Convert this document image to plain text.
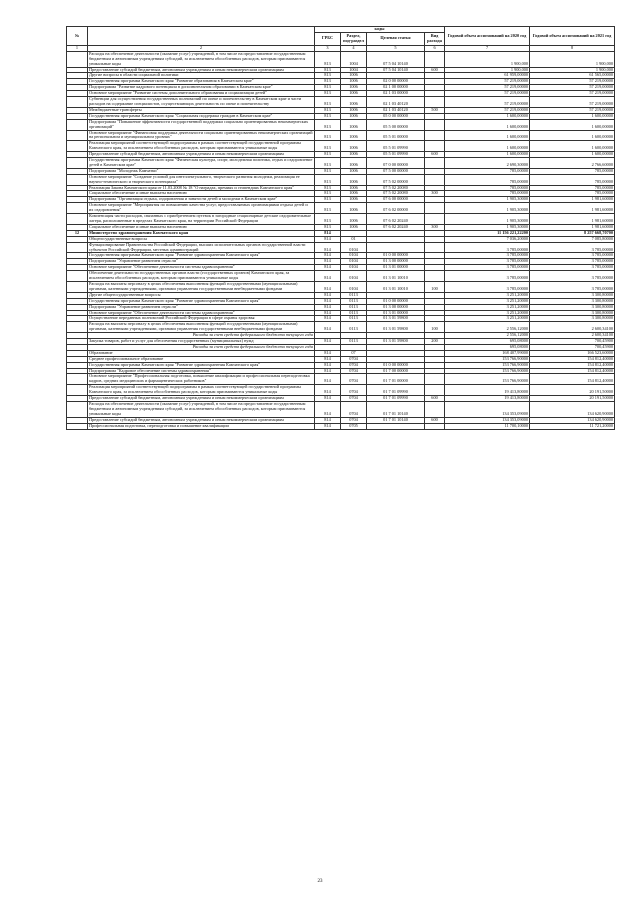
№		коды				Годовой объем ассигнований на 2020 год	Годовой объем ассигнований на 2021 год
		ГРБС	Раздел, под-раздел	Целевая статья	Вид расхода		
1	2	3	4	5	6	7	8
	Расходы на обеспечение деятельности (оказание услуг) учреждений, в том числе на предоставление государственным бюджетным и автономным учреждениям субсидий, за исключением обособленных расходов, которым присваиваются уникальные коды	813	1004	07 5 04 10140		1 900,000	1 900,000
	Предоставление субсидий бюджетным, автономным учреждениям и иным некоммерческим организациям	813	1004	07 5 04 10140	600	1 900,000	1 900,000
	Другие вопросы в области социальной политики	813	1006			61 959,00000	61 565,00000
	Государственная программа Камчатского края "Развитие образования в Камчатском крае"	813	1006	02 0 00 00000		57 219,00000	57 219,00000
	Подпрограмма "Развитие кадрового потенциала в дополнительном образовании в Камчатском крае"	813	1006	02 1 00 00000		57 219,00000	57 219,00000
	Основное мероприятие "Развитие системы дополнительного образования и социализации детей"	813	1006	02 1 03 00000		57 219,00000	57 219,00000
	Субвенции для осуществления государственных полномочий по опеке и попечительству в Камчатском крае и части расходов на содержание специалистов, осуществляющих деятельность по опеке и попечительству	813	1006	02 1 03 40120		57 219,00000	57 219,00000
	Межбюджетные трансферты	813	1006	02 1 03 40120	500	57 219,00000	57 219,00000
	Государственная программа Камчатского края "Социальная поддержка граждан в Камчатском крае"	813	1006	05 0 00 00000		1 600,00000	1 600,00000
	Подпрограмма "Повышение эффективности государственной поддержки социально ориентированных некоммерческих организаций"	813	1006	05 5 00 00000		1 600,00000	1 600,00000
	Основное мероприятие "Финансовая поддержка деятельности социально ориентированных некоммерческих организаций на региональном и муниципальном уровнях"	813	1006	05 5 01 00000		1 600,00000	1 600,00000
	Реализация мероприятий соответствующей подпрограммы в рамках соответствующей государственной программы Камчатского края, за исключением обособленных расходов, которым присваиваются уникальные коды	813	1006	05 5 01 09990		1 600,00000	1 600,00000
	Предоставление субсидий бюджетным, автономным учреждениям и иным некоммерческим организациям	813	1006	05 5 01 09990	600	1 600,00000	1 600,00000
	Государственная программа Камчатского края "Физическая культура, спорт, молодежная политика, отдых и оздоровление детей в Камчатском крае"	813	1006	07 0 00 00000		2 690,30000	2 766,60000
	Подпрограмма "Молодежь Камчатки"	813	1006	07 5 00 00000		785,00000	785,00000
	Основное мероприятие "Создание условий для интеллектуального, творческого развития молодежи, реализация ее научно-технического и творческого потенциала"	813	1006	07 5 02 00000		785,00000	785,00000
	Реализация Закона Камчатского края от 11.03.2008 № 18 "О наградах, премиях и стипендиях Камчатского края"	813	1006	07 5 02 20080		785,00000	785,00000
	Социальное обеспечение и иные выплаты населению	813	1006	07 5 02 20080	300	785,00000	785,00000
	Подпрограмма "Организация отдыха, оздоровления и занятости детей и молодежи в Камчатском крае"	813	1006	07 6 00 00000		1 905,30000	1 981,60000
	Основное мероприятие "Мероприятия по повышению качества услуг, предоставляемых организациями отдыха детей и их оздоровления"	813	1006	07 6 02 00000		1 905,30000	1 981,60000
	Компенсация части расходов, связанных с приобретением путевок в загородные стационарные детские оздоровительные лагеря, расположенные в пределах Камчатского края, на территории Российской Федерации	813	1006	07 6 02 20240		1 905,30000	1 981,60000
	Социальное обеспечение и иные выплаты населению	813	1006	07 6 02 20240	300	1 905,30000	1 981,60000
12	Министерство здравоохранения Камчатского края	814				11 156 221,22200	8 257 668,70700
	Общегосударственные вопросы	814	01			7 036,20000	7 085,80000
	Функционирование Правительства Российской Федерации, высших исполнительных органов государственной власти субъектов Российской Федерации, местных администраций	814	0104			3 785,00000	3 785,00000
	Государственная программа Камчатского края "Развитие здравоохранения Камчатского края"	814	0104	01 0 00 00000		3 785,00000	3 785,00000
	Подпрограмма "Управление развитием отрасли"	814	0104	01 3 00 00000		3 785,00000	3 785,00000
	Основное мероприятие "Обеспечение деятельности системы здравоохранения"	814	0104	01 3 01 00000		3 785,00000	3 785,00000
	Обеспечение деятельности государственных органов власти (государственных органов) Камчатского края, за исключением обособленных расходов, которым присваиваются уникальные коды	814	0104	01 3 01 10010		3 785,00000	3 785,00000
	Расходы на выплаты персоналу в целях обеспечения выполнения функций государственными (муниципальными) органами, казенными учреждениями, органами управления государственными внебюджетными фондами	814	0104	01 3 01 10010	100	3 785,00000	3 785,00000
	Другие общегосударственные вопросы	814	0113			3 251,20000	3 300,80000
	Государственная программа Камчатского края "Развитие здравоохранения Камчатского края"	814	0113	01 0 00 00000		3 251,20000	3 300,80000
	Подпрограмма "Управление развитием отрасли"	814	0113	01 3 00 00000		3 251,20000	3 300,80000
	Основное мероприятие "Обеспечение деятельности системы здравоохранения"	814	0113	01 3 01 00000		3 251,20000	3 300,80000
	Осуществление переданных полномочий Российской Федерации в сфере охраны здоровья	814	0113	01 3 01 59800		3 251,20000	3 300,80000
	Расходы на выплаты персоналу в целях обеспечения выполнения функций государственными (муниципальными) органами, казенными учреждениями, органами управления государственными внебюджетными фондами	814	0113	01 3 01 59800	100	2 556,12000	2 600,34100
	Расходы за счет средств федерального бюджета текущего года					2 556,12000	2 600,34100
	Закупка товаров, работ и услуг для обеспечения государственных (муниципальных) нужд	814	0113	01 3 01 59800	200	695,08000	700,45900
	Расходы за счет средств федерального бюджета текущего года					695,08000	700,45900
	Образование	814	07			168 407,99000	166 523,60000
	Среднее профессиональное образование	814	0704			153 766,90000	154 812,40000
	Государственная программа Камчатского края "Развитие здравоохранения Камчатского края"	814	0704	01 0 00 00000		153 766,90000	154 812,40000
	Подпрограмма "Кадровое обеспечение системы здравоохранения"	814	0704	01 7 00 00000		153 766,90000	154 812,40000
	Основное мероприятие "Профессиональная подготовка, повышение квалификации и профессиональная переподготовка кадров, средних медицинских и фармацевтических работников"	814	0704	01 7 01 00000		153 766,90000	154 812,40000
	Реализация мероприятий соответствующей подпрограммы в рамках соответствующей государственной программы Камчатского края, за исключением обособленных расходов, которым присваиваются уникальные коды	814	0704	01 7 01 09990		19 413,80000	20 191,50000
	Предоставление субсидий бюджетным, автономным учреждениям и иным некоммерческим организациям	814	0704	01 7 01 09990	600	19 413,80000	20 191,50000
	Расходы на обеспечение деятельности (оказание услуг) учреждений, в том числе на предоставление государственным бюджетным и автономным учреждениям субсидий, за исключением обособленных расходов, которым присваиваются уникальные коды	814	0704	01 7 01 10140		134 353,09000	134 620,90000
	Предоставление субсидий бюджетным, автономным учреждениям и иным некоммерческим организациям	814	0704	01 7 01 10140	600	134 353,09000	134 620,90000
	Профессиональная подготовка, переподготовка и повышение квалификации	814	0705			11 700,10000	11 721,20000
23
